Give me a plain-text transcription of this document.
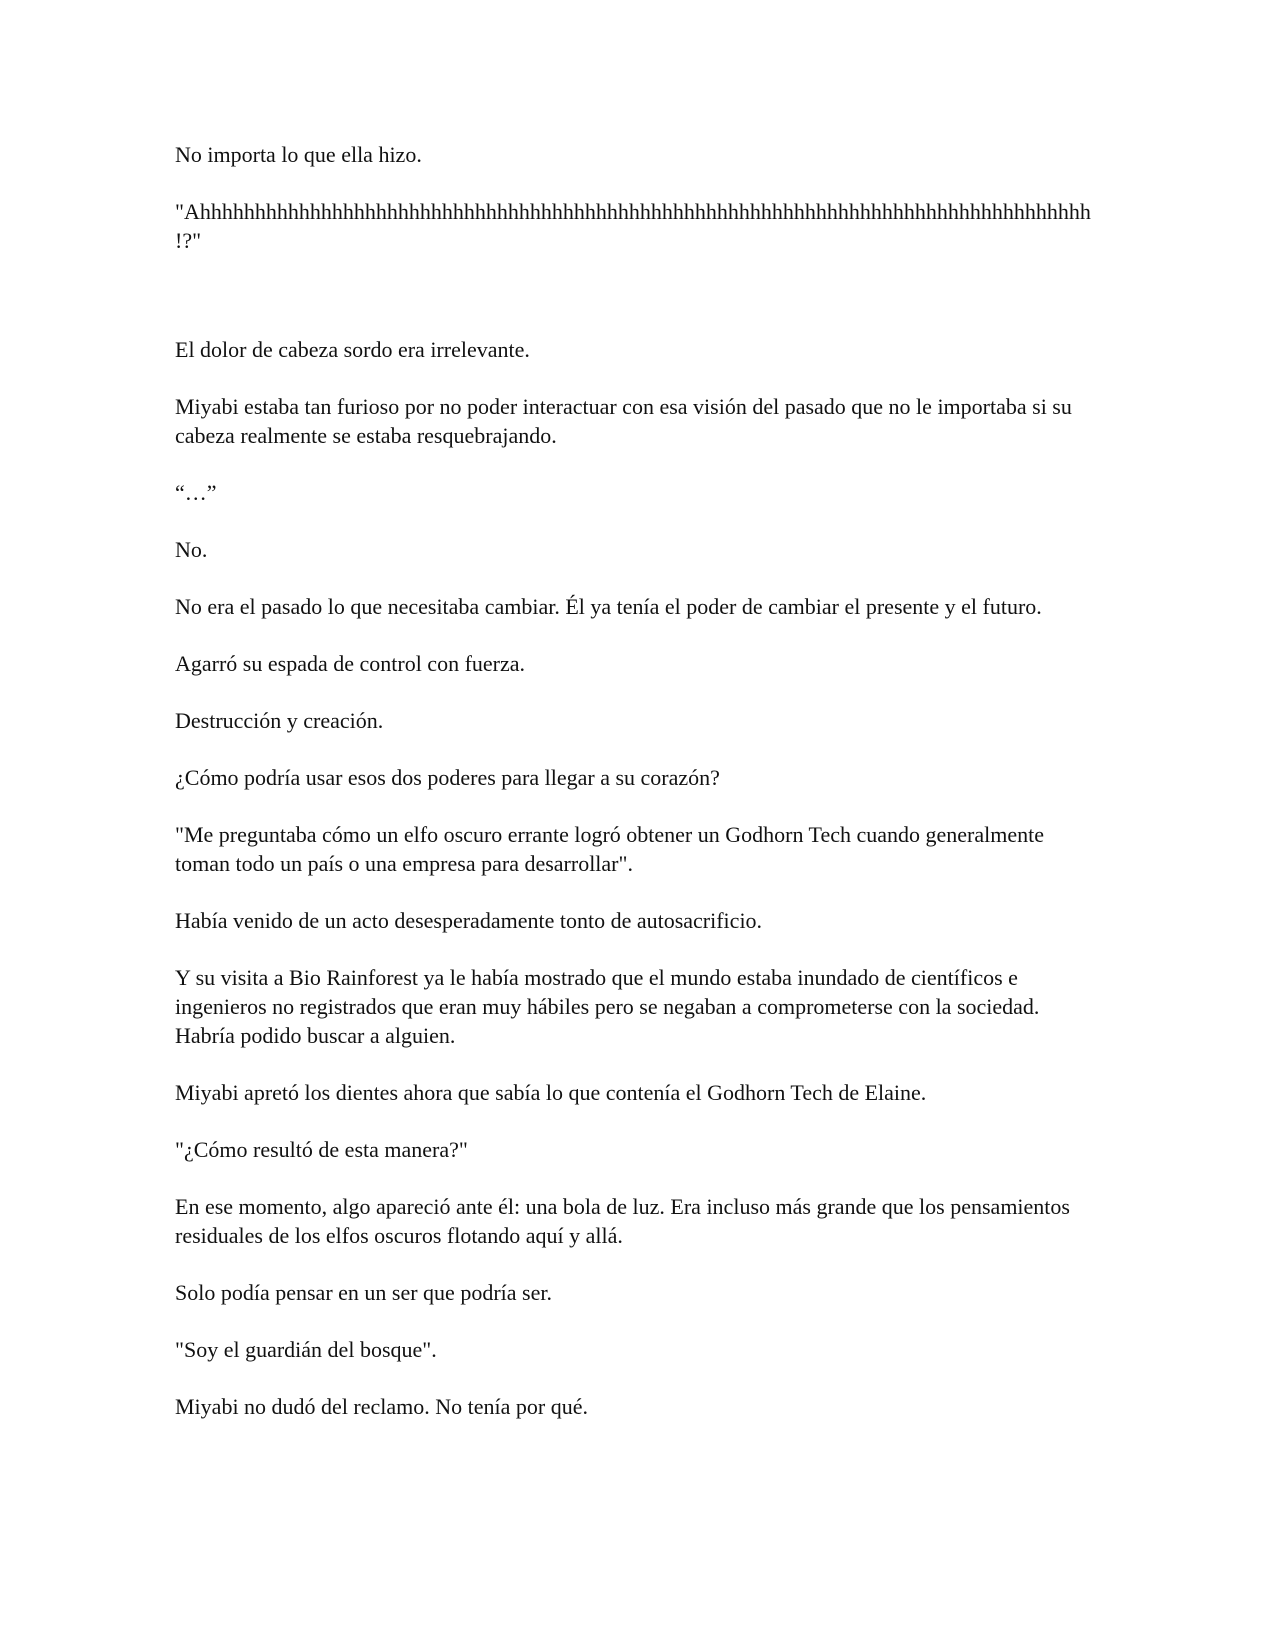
No importa lo que ella hizo.

"Ahhhhhhhhhhhhhhhhhhhhhhhhhhhhhhhhhhhhhhhhhhhhhhhhhhhhhhhhhhhhhhhhhhhhhhhhhhhhhhhhh!?"

El dolor de cabeza sordo era irrelevante.

Miyabi estaba tan furioso por no poder interactuar con esa visión del pasado que no le importaba si su cabeza realmente se estaba resquebrajando.

“…”

No.

No era el pasado lo que necesitaba cambiar. Él ya tenía el poder de cambiar el presente y el futuro.

Agarró su espada de control con fuerza.

Destrucción y creación.

¿Cómo podría usar esos dos poderes para llegar a su corazón?

"Me preguntaba cómo un elfo oscuro errante logró obtener un Godhorn Tech cuando generalmente toman todo un país o una empresa para desarrollar".

Había venido de un acto desesperadamente tonto de autosacrificio.

Y su visita a Bio Rainforest ya le había mostrado que el mundo estaba inundado de científicos e ingenieros no registrados que eran muy hábiles pero se negaban a comprometerse con la sociedad. Habría podido buscar a alguien.

Miyabi apretó los dientes ahora que sabía lo que contenía el Godhorn Tech de Elaine.

"¿Cómo resultó de esta manera?"

En ese momento, algo apareció ante él: una bola de luz. Era incluso más grande que los pensamientos residuales de los elfos oscuros flotando aquí y allá.

Solo podía pensar en un ser que podría ser.

"Soy el guardián del bosque".

Miyabi no dudó del reclamo. No tenía por qué.
